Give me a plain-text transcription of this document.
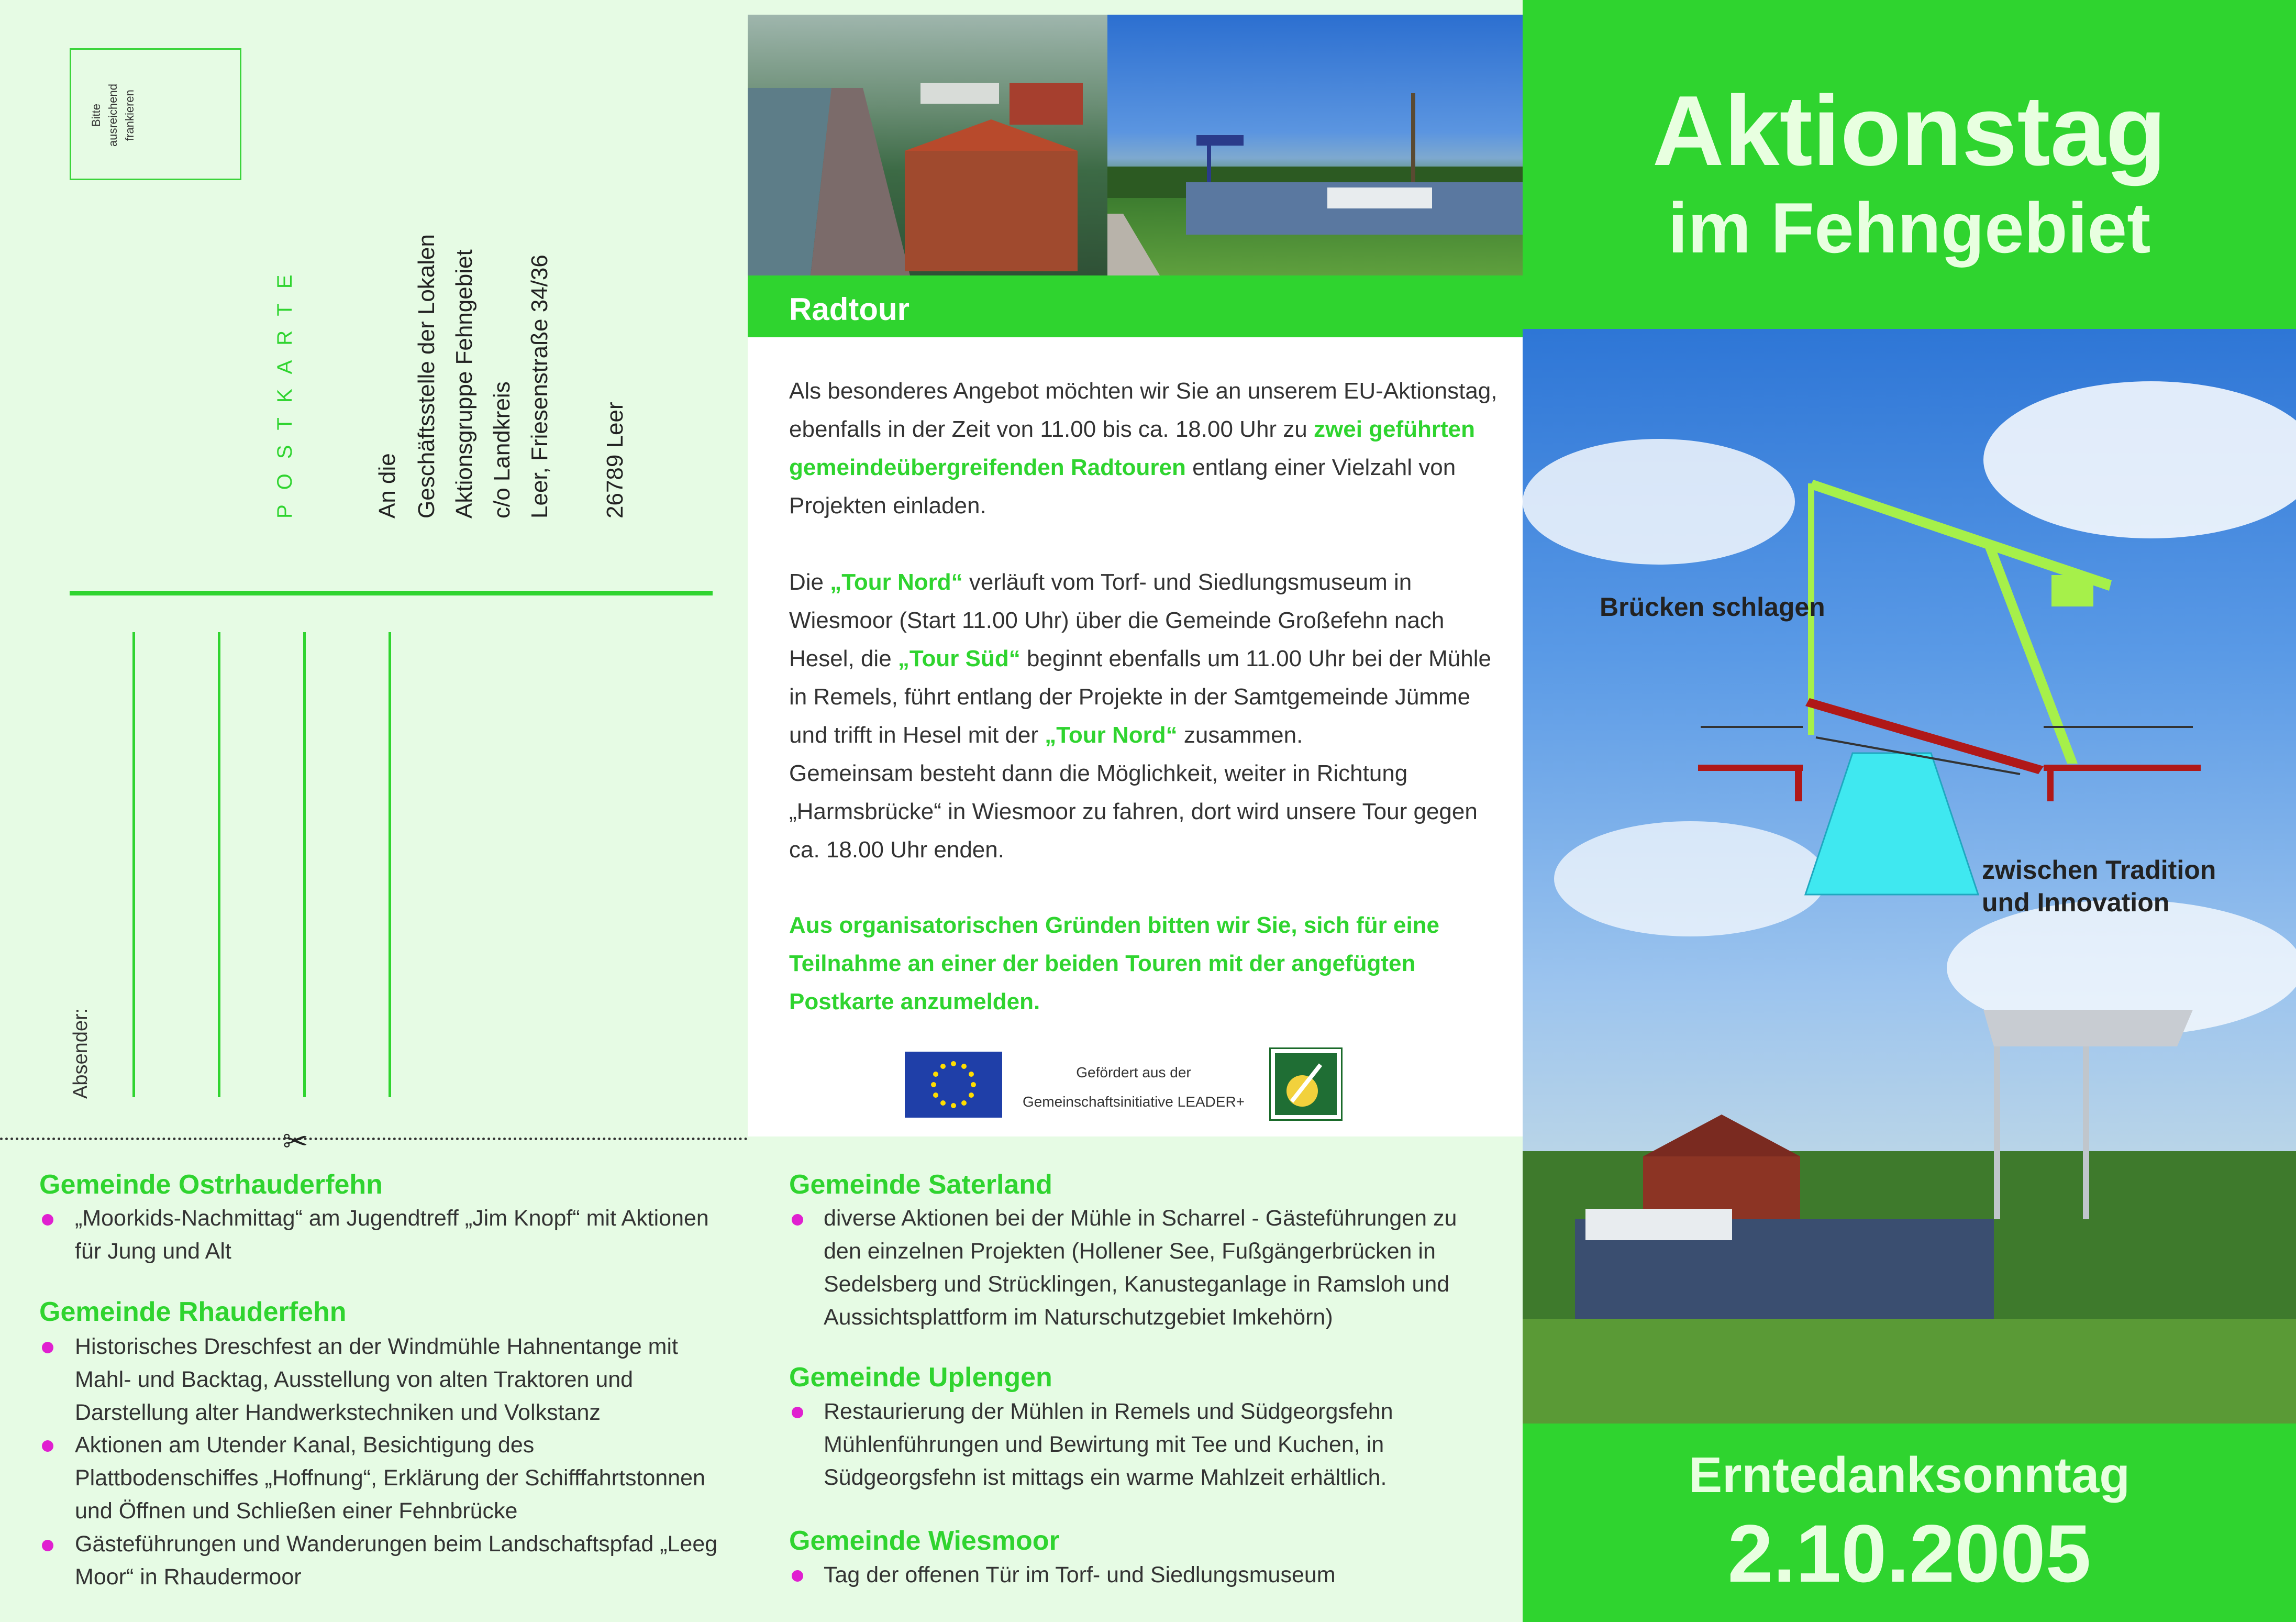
Bitte ausreichend frankieren
POSTKARTE	An die Geschäftsstelle der Lokalen Aktionsgruppe Fehngebiet c/o Landkreis Leer, Friesenstraße 34/36 26789 Leer
Absender:
✂
Radtour
Als besonderes Angebot möchten wir Sie an unserem EU-Aktionstag, ebenfalls in der Zeit von 11.00 bis ca. 18.00 Uhr zu zwei geführten gemeindeübergreifenden Radtouren entlang einer Vielzahl von Projekten einladen.
Die „Tour Nord“ verläuft vom Torf- und Siedlungsmuseum in Wiesmoor (Start 11.00 Uhr) über die Gemeinde Großefehn nach Hesel, die „Tour Süd“ beginnt ebenfalls um 11.00 Uhr bei der Mühle in Remels, führt entlang der Projekte in der Samtgemeinde Jümme und trifft in Hesel mit der „Tour Nord“ zusammen.
Gemeinsam besteht dann die Möglichkeit, weiter in Richtung „Harmsbrücke“ in Wiesmoor zu fahren, dort wird unsere Tour gegen ca. 18.00 Uhr enden.
Aus organisatorischen Gründen bitten wir Sie, sich für eine Teilnahme an einer der beiden Touren mit der angefügten Postkarte anzumelden.
Gefördert aus der Gemeinschaftsinitiative LEADER+
Gemeinde Ostrhauderfehn
„Moorkids-Nachmittag“ am Jugendtreff „Jim Knopf“ mit Aktionen für Jung und Alt
Gemeinde Rhauderfehn
Historisches Dreschfest an der Windmühle Hahnentange mit Mahl- und Backtag, Ausstellung von alten Traktoren und Darstellung alter Handwerkstechniken und Volkstanz
Aktionen am Utender Kanal, Besichtigung des Plattbodenschiffes „Hoffnung“, Erklärung der Schifffahrtstonnen und Öffnen und Schließen einer Fehnbrücke
Gästeführungen und Wanderungen beim Landschaftspfad „Leeg Moor“ in Rhaudermoor
Gemeinde Saterland
diverse Aktionen bei der Mühle in Scharrel - Gästeführungen zu den einzelnen Projekten (Hollener See, Fußgängerbrücken in Sedelsberg und Strücklingen, Kanusteganlage in Ramsloh und Aussichtsplattform im Naturschutzgebiet Imkehörn)
Gemeinde Uplengen
Restaurierung der Mühlen in Remels und Südgeorgsfehn Mühlenführungen und Bewirtung mit Tee und Kuchen, in Südgeorgsfehn ist mittags ein warme Mahlzeit erhältlich.
Gemeinde Wiesmoor
Tag der offenen Tür im Torf- und Siedlungsmuseum
Aktionstag
im Fehngebiet
Brücken schlagen
zwischen Tradition
und Innovation
Erntedanksonntag
2.10.2005
